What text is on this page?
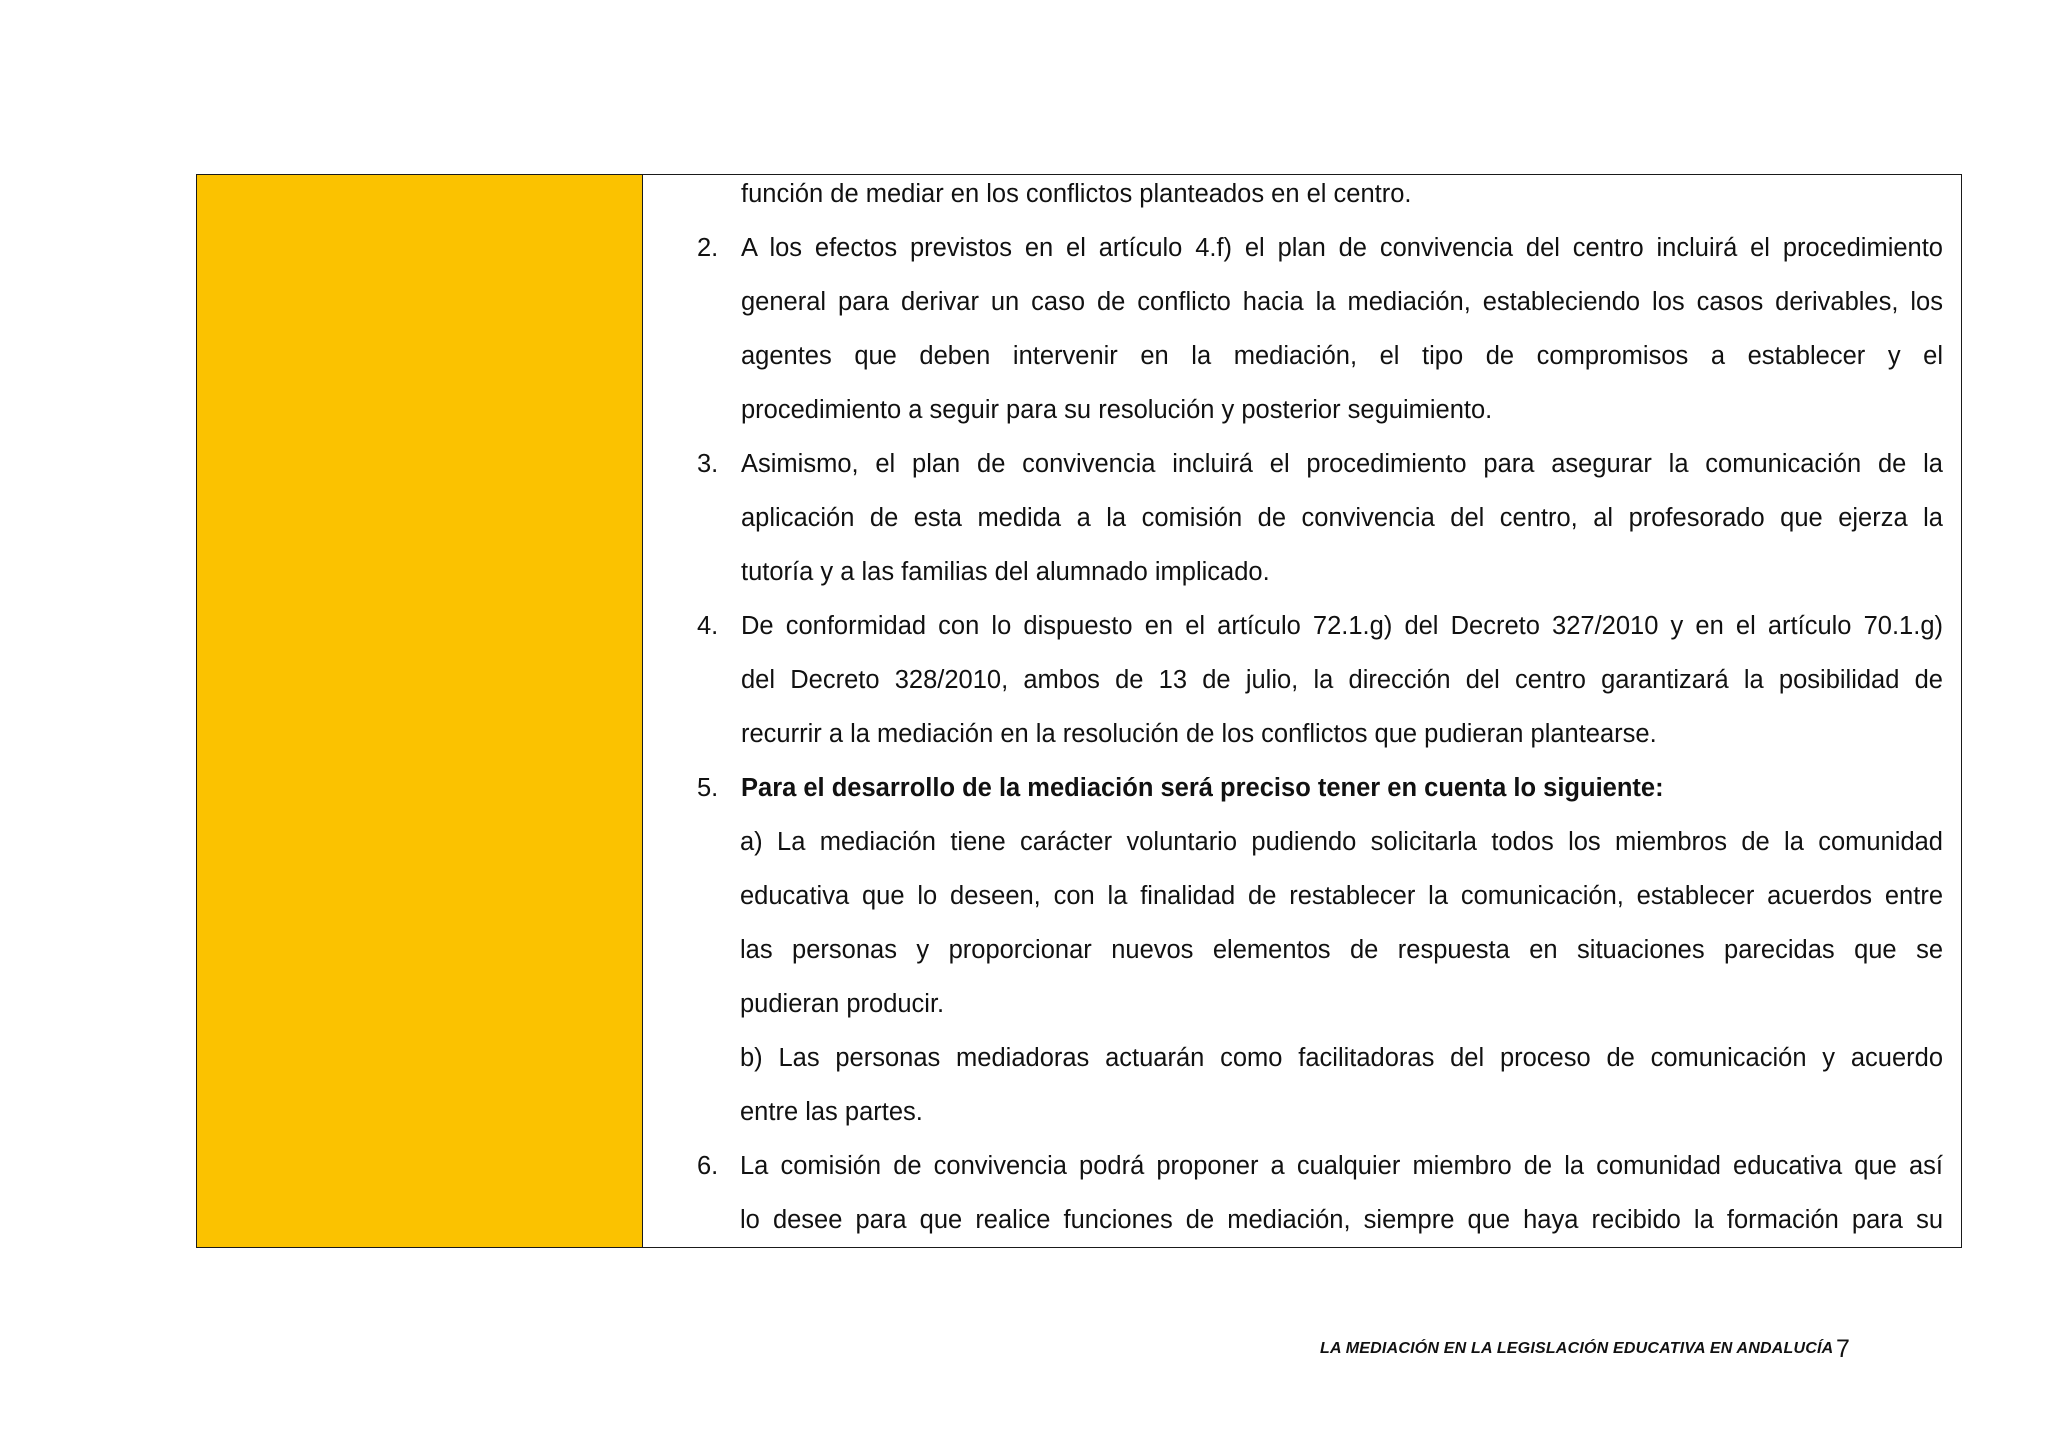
función de mediar en los conflictos planteados en el centro.
2. A los efectos previstos en el artículo 4.f) el plan de convivencia del centro incluirá el procedimiento
general para derivar un caso de conflicto hacia la mediación, estableciendo los casos derivables, los
agentes que deben intervenir en la mediación, el tipo de compromisos a establecer y el
procedimiento a seguir para su resolución y posterior seguimiento.
3. Asimismo, el plan de convivencia incluirá el procedimiento para asegurar la comunicación de la
aplicación de esta medida a la comisión de convivencia del centro, al profesorado que ejerza la
tutoría y a las familias del alumnado implicado.
4. De conformidad con lo dispuesto en el artículo 72.1.g) del Decreto 327/2010 y en el artículo 70.1.g)
del Decreto 328/2010, ambos de 13 de julio, la dirección del centro garantizará la posibilidad de
recurrir a la mediación en la resolución de los conflictos que pudieran plantearse.
5. Para el desarrollo de la mediación será preciso tener en cuenta lo siguiente:
a) La mediación tiene carácter voluntario pudiendo solicitarla todos los miembros de la comunidad
educativa que lo deseen, con la finalidad de restablecer la comunicación, establecer acuerdos entre
las personas y proporcionar nuevos elementos de respuesta en situaciones parecidas que se
pudieran producir.
b) Las personas mediadoras actuarán como facilitadoras del proceso de comunicación y acuerdo
entre las partes.
6. La comisión de convivencia podrá proponer a cualquier miembro de la comunidad educativa que así
lo desee para que realice funciones de mediación, siempre que haya recibido la formación para su
LA MEDIACIÓN EN LA LEGISLACIÓN EDUCATIVA EN ANDALUCÍA 7
